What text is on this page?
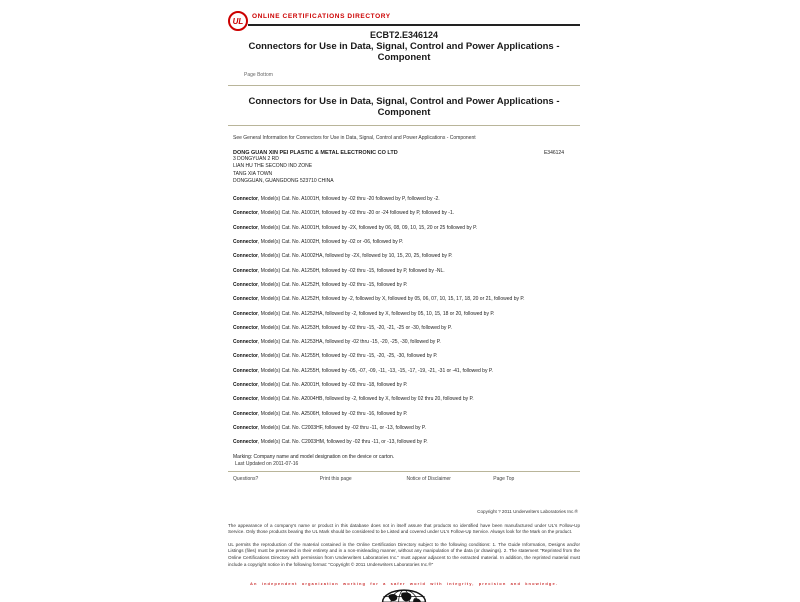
UL	ONLINE CERTIFICATIONS DIRECTORY
ECBT2.E346124
Connectors for Use in Data, Signal, Control and Power Applications - Component
Page Bottom
Connectors for Use in Data, Signal, Control and Power Applications - Component
See General Information for Connectors for Use in Data, Signal, Control and Power Applications - Component
DONG GUAN XIN PEI PLASTIC & METAL ELECTRONIC CO LTD	E346124
3 DONGYUAN 2 RD
LIAN HU THE SECOND IND ZONE
TANG XIA TOWN
DONGGUAN, GUANGDONG 523710 CHINA
Connector, Model(s) Cat. No. A1001H, followed by -02 thru -20 followed by P, followed by -2.
Connector, Model(s) Cat. No. A1001H, followed by -02 thru -20 or -24 followed by P, followed by -1.
Connector, Model(s) Cat. No. A1001H, followed by -2X, followed by 06, 08, 09, 10, 15, 20 or 25 followed by P.
Connector, Model(s) Cat. No. A1002H, followed by -02 or -06, followed by P.
Connector, Model(s) Cat. No. A1002HA, followed by -2X, followed by 10, 15, 20, 25, followed by P.
Connector, Model(s) Cat. No. A1250H, followed by -02 thru -15, followed by P, followed by -NL.
Connector, Model(s) Cat. No. A1252H, followed by -02 thru -15, followed by P.
Connector, Model(s) Cat. No. A1252H, followed by -2, followed by X, followed by 05, 06, 07, 10, 15, 17, 18, 20 or 21, followed by P.
Connector, Model(s) Cat. No. A1252HA, followed by -2, followed by X, followed by 05, 10, 15, 18 or 20, followed by P.
Connector, Model(s) Cat. No. A1253H, followed by -02 thru -15, -20, -21, -25 or -30, followed by P.
Connector, Model(s) Cat. No. A1253HA, followed by -02 thru -15, -20, -25, -30, followed by P.
Connector, Model(s) Cat. No. A1255H, followed by -02 thru -15, -20, -25, -30, followed by P.
Connector, Model(s) Cat. No. A1255H, followed by -05, -07, -09, -11, -13, -15, -17, -19, -21, -31 or -41, followed by P.
Connector, Model(s) Cat. No. A2001H, followed by -02 thru -18, followed by P.
Connector, Model(s) Cat. No. A2004HB, followed by -2, followed by X, followed by 02 thru 20, followed by P.
Connector, Model(s) Cat. No. A2506H, followed by -02 thru -16, followed by P.
Connector, Model(s) Cat. No. C2003HF, followed by -02 thru -11, or -13, followed by P.
Connector, Model(s) Cat. No. C2003HM, followed by -02 thru -11, or -13, followed by P.
Marking: Company name and model designation on the device or carton.
Last Updated on 2011-07-16
Questions?	Print this page	Notice of Disclaimer	Page Top
Copyright ? 2011 Underwriters Laboratories Inc.®
The appearance of a company's name or product in this database does not in itself assure that products so identified have been manufactured under UL's Follow-Up Service. Only those products bearing the UL Mark should be considered to be Listed and covered under UL's Follow-Up Service. Always look for the Mark on the product.
UL permits the reproduction of the material contained in the Online Certification Directory subject to the following conditions: 1. The Guide Information, Designs and/or Listings (files) must be presented in their entirety and in a non-misleading manner, without any manipulation of the data (or drawings). 2. The statement "Reprinted from the Online Certifications Directory with permission from Underwriters Laboratories Inc." must appear adjacent to the extracted material. In addition, the reprinted material must include a copyright notice in the following format: "Copyright © 2011 Underwriters Laboratories Inc.®"
An independent organization working for a safer world with integrity, precision and knowledge.
